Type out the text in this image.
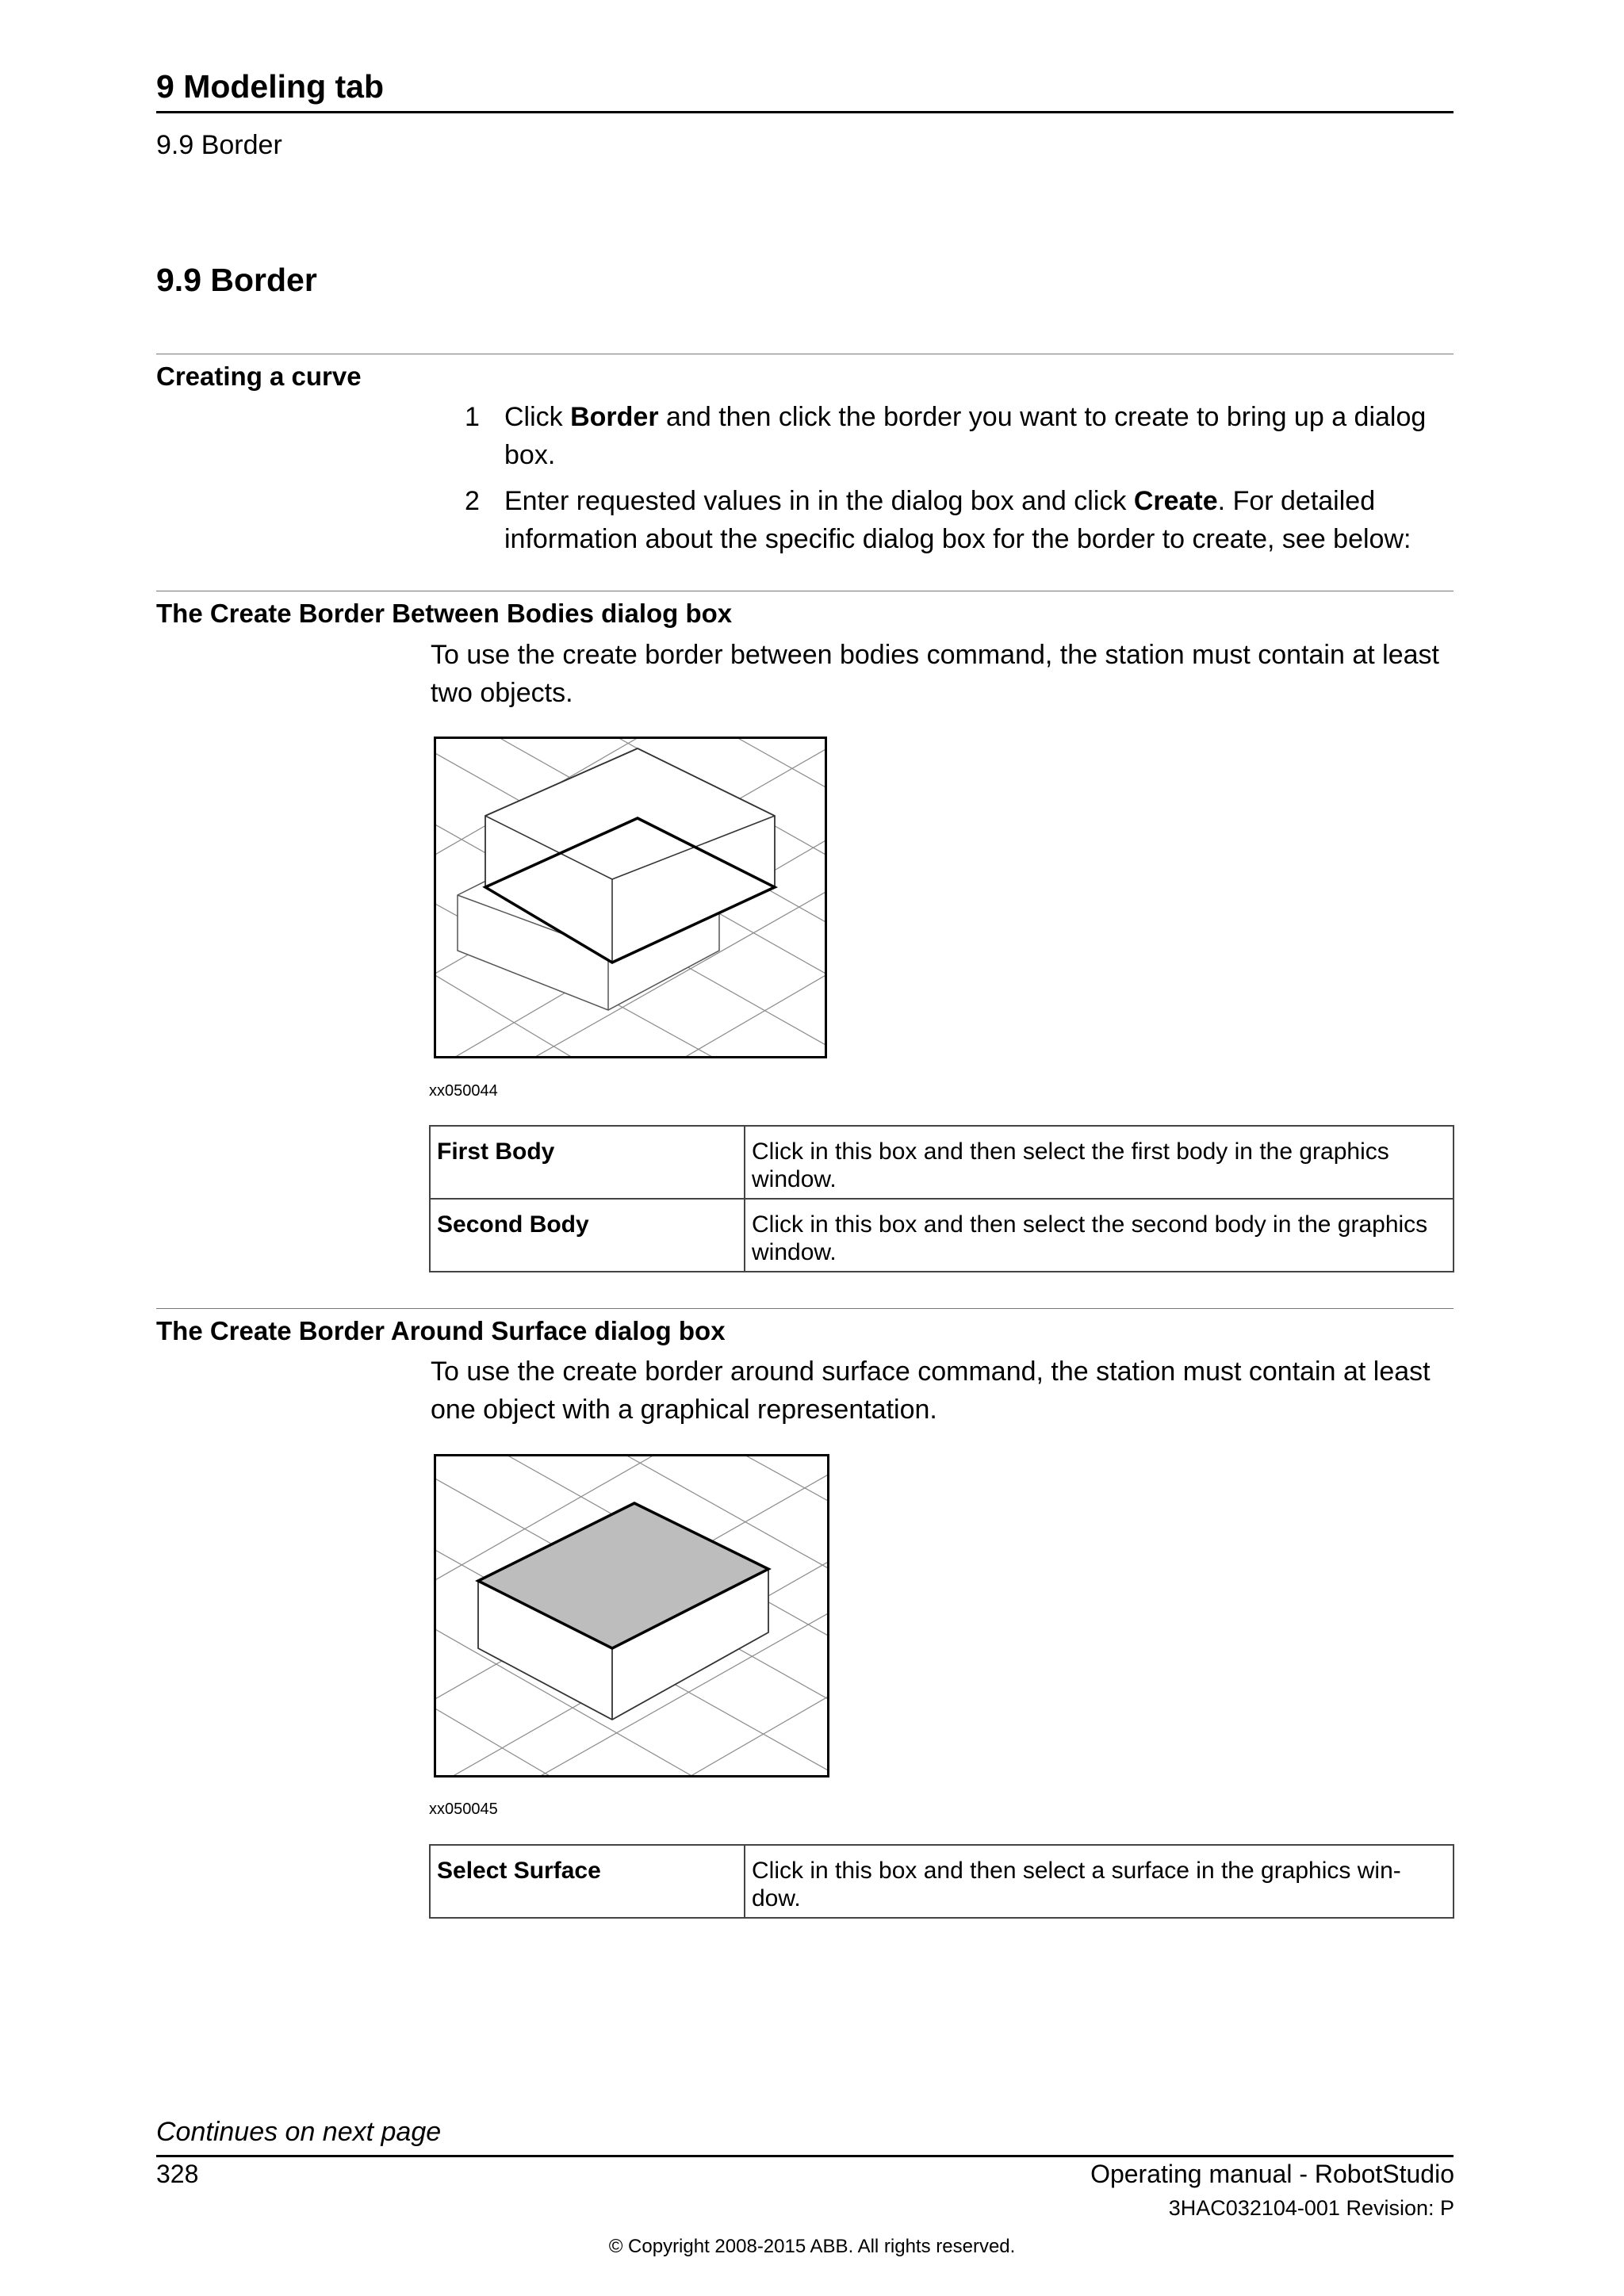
9 Modeling tab
9.9 Border
9.9 Border
Creating a curve
1 Click Border and then click the border you want to create to bring up a dialog box.
2 Enter requested values in in the dialog box and click Create. For detailed information about the specific dialog box for the border to create, see below:
The Create Border Between Bodies dialog box
To use the create border between bodies command, the station must contain at least two objects.
xx050044
First Body	Click in this box and then select the first body in the graphics window.
Second Body	Click in this box and then select the second body in the graphics window.
The Create Border Around Surface dialog box
To use the create border around surface command, the station must contain at least one object with a graphical representation.
xx050045
Select Surface	Click in this box and then select a surface in the graphics win-dow.
Continues on next page
328	Operating manual - RobotStudio
3HAC032104-001 Revision: P
© Copyright 2008-2015 ABB. All rights reserved.
